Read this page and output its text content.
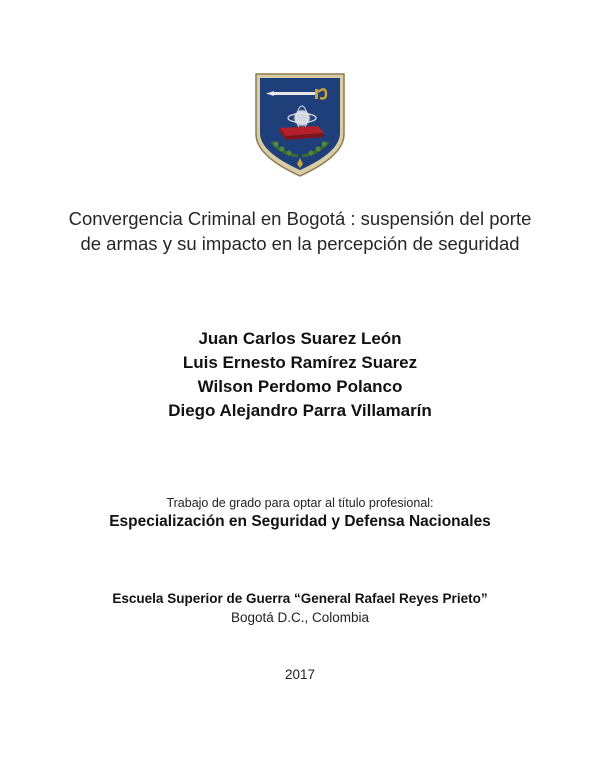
Convergencia Criminal en Bogotá : suspensión del porte de armas y su impacto en la percepción de seguridad
Juan Carlos Suarez León
Luis Ernesto Ramírez Suarez
Wilson Perdomo Polanco
Diego Alejandro Parra Villamarín
Trabajo de grado para optar al título profesional:
Especialización en Seguridad y Defensa Nacionales
Escuela Superior de Guerra “General Rafael Reyes Prieto”
Bogotá D.C., Colombia
2017
